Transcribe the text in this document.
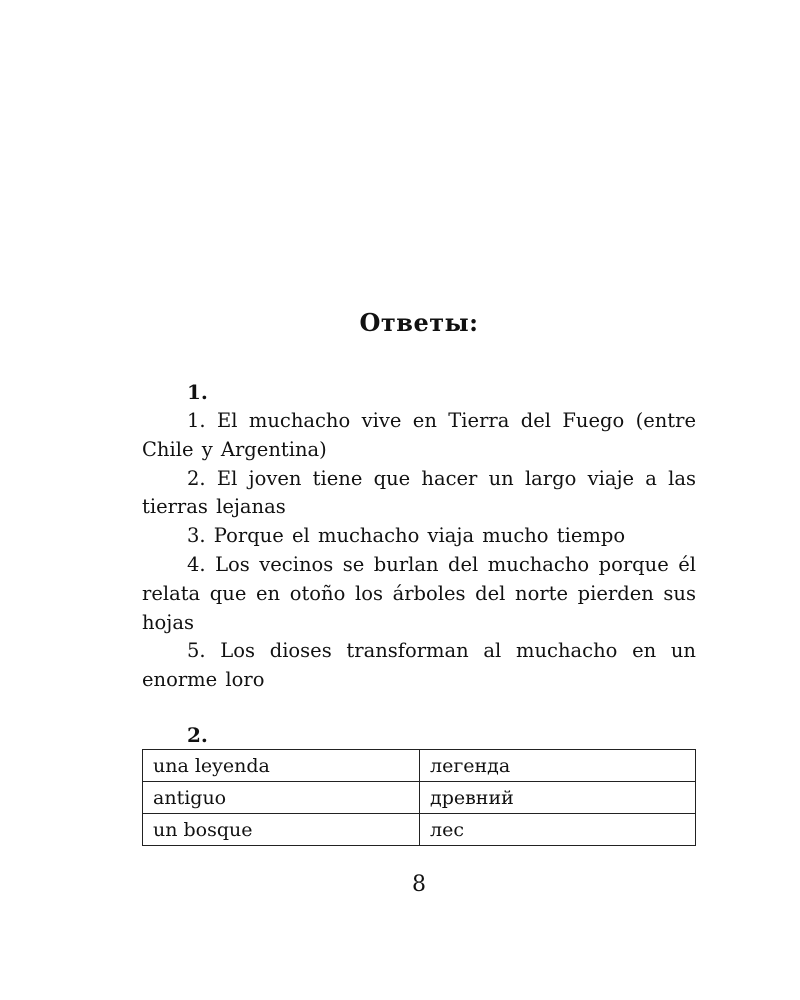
Ответы:
1.

1. El muchacho vive en Tierra del Fuego (entre Chile y Argentina)

2. El joven tiene que hacer un largo viaje a las tierras lejanas

3. Porque el muchacho viaja mucho tiempo

4. Los vecinos se burlan del muchacho porque él relata que en otoño los árboles del norte pierden sus hojas

5. Los dioses transforman al muchacho en un enorme loro

2.
una leyenda	легенда
antiguo	древний
un bosque	лес
8
